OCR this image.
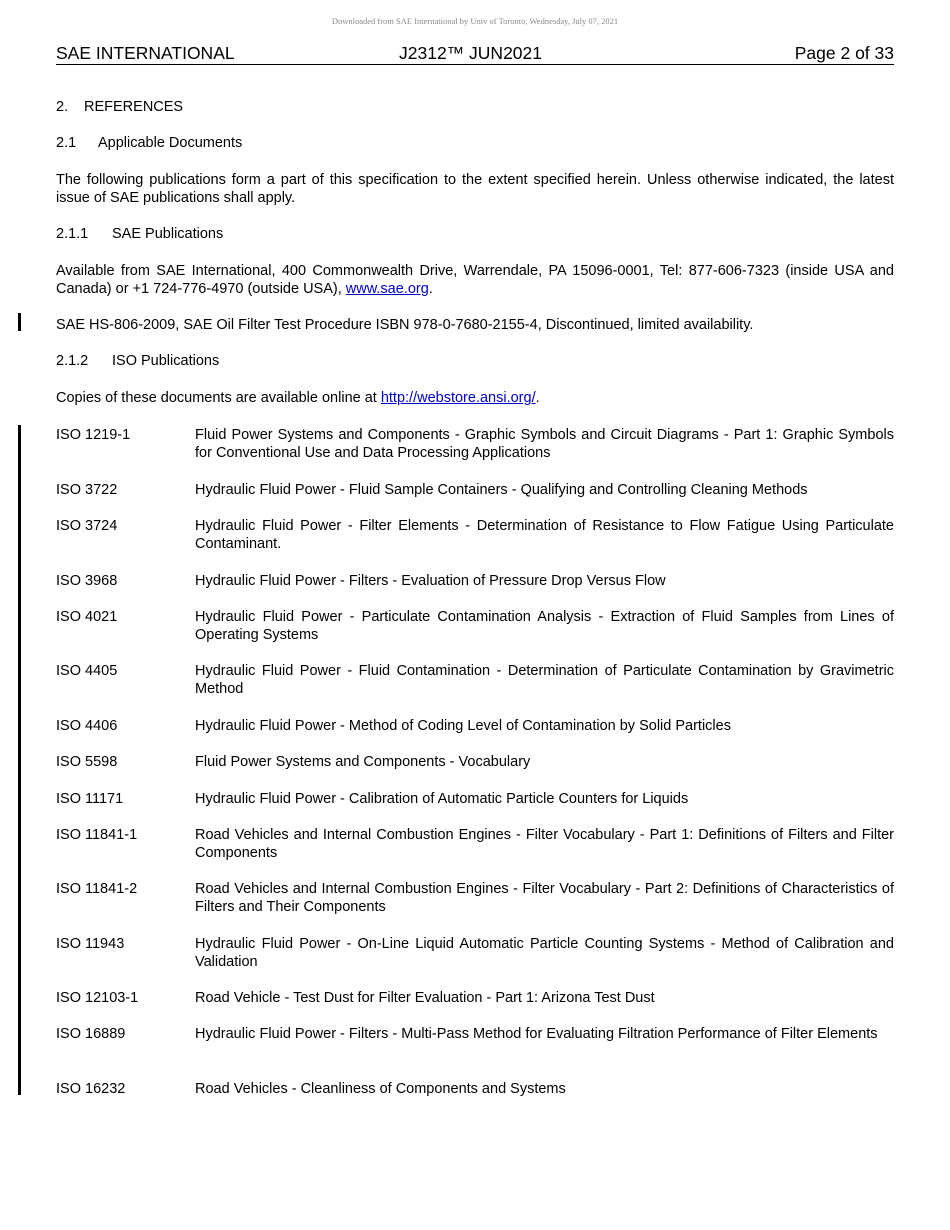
Downloaded from SAE International by Univ of Toronto, Wednesday, July 07, 2021
SAE INTERNATIONAL	J2312™ JUN2021	Page 2 of 33
2. REFERENCES
2.1 Applicable Documents
The following publications form a part of this specification to the extent specified herein. Unless otherwise indicated, the latest issue of SAE publications shall apply.
2.1.1 SAE Publications
Available from SAE International, 400 Commonwealth Drive, Warrendale, PA 15096-0001, Tel: 877-606-7323 (inside USA and Canada) or +1 724-776-4970 (outside USA), www.sae.org.
SAE HS-806-2009, SAE Oil Filter Test Procedure ISBN 978-0-7680-2155-4, Discontinued, limited availability.
2.1.2 ISO Publications
Copies of these documents are available online at http://webstore.ansi.org/.
ISO 1219-1	Fluid Power Systems and Components - Graphic Symbols and Circuit Diagrams - Part 1: Graphic Symbols for Conventional Use and Data Processing Applications
ISO 3722	Hydraulic Fluid Power - Fluid Sample Containers - Qualifying and Controlling Cleaning Methods
ISO 3724	Hydraulic Fluid Power - Filter Elements - Determination of Resistance to Flow Fatigue Using Particulate Contaminant.
ISO 3968	Hydraulic Fluid Power - Filters - Evaluation of Pressure Drop Versus Flow
ISO 4021	Hydraulic Fluid Power - Particulate Contamination Analysis - Extraction of Fluid Samples from Lines of Operating Systems
ISO 4405	Hydraulic Fluid Power - Fluid Contamination - Determination of Particulate Contamination by Gravimetric Method
ISO 4406	Hydraulic Fluid Power - Method of Coding Level of Contamination by Solid Particles
ISO 5598	Fluid Power Systems and Components - Vocabulary
ISO 11171	Hydraulic Fluid Power - Calibration of Automatic Particle Counters for Liquids
ISO 11841-1	Road Vehicles and Internal Combustion Engines - Filter Vocabulary - Part 1: Definitions of Filters and Filter Components
ISO 11841-2	Road Vehicles and Internal Combustion Engines - Filter Vocabulary - Part 2: Definitions of Characteristics of Filters and Their Components
ISO 11943	Hydraulic Fluid Power - On-Line Liquid Automatic Particle Counting Systems - Method of Calibration and Validation
ISO 12103-1	Road Vehicle - Test Dust for Filter Evaluation - Part 1: Arizona Test Dust
ISO 16889	Hydraulic Fluid Power - Filters - Multi-Pass Method for Evaluating Filtration Performance of Filter Elements
ISO 16232	Road Vehicles - Cleanliness of Components and Systems
